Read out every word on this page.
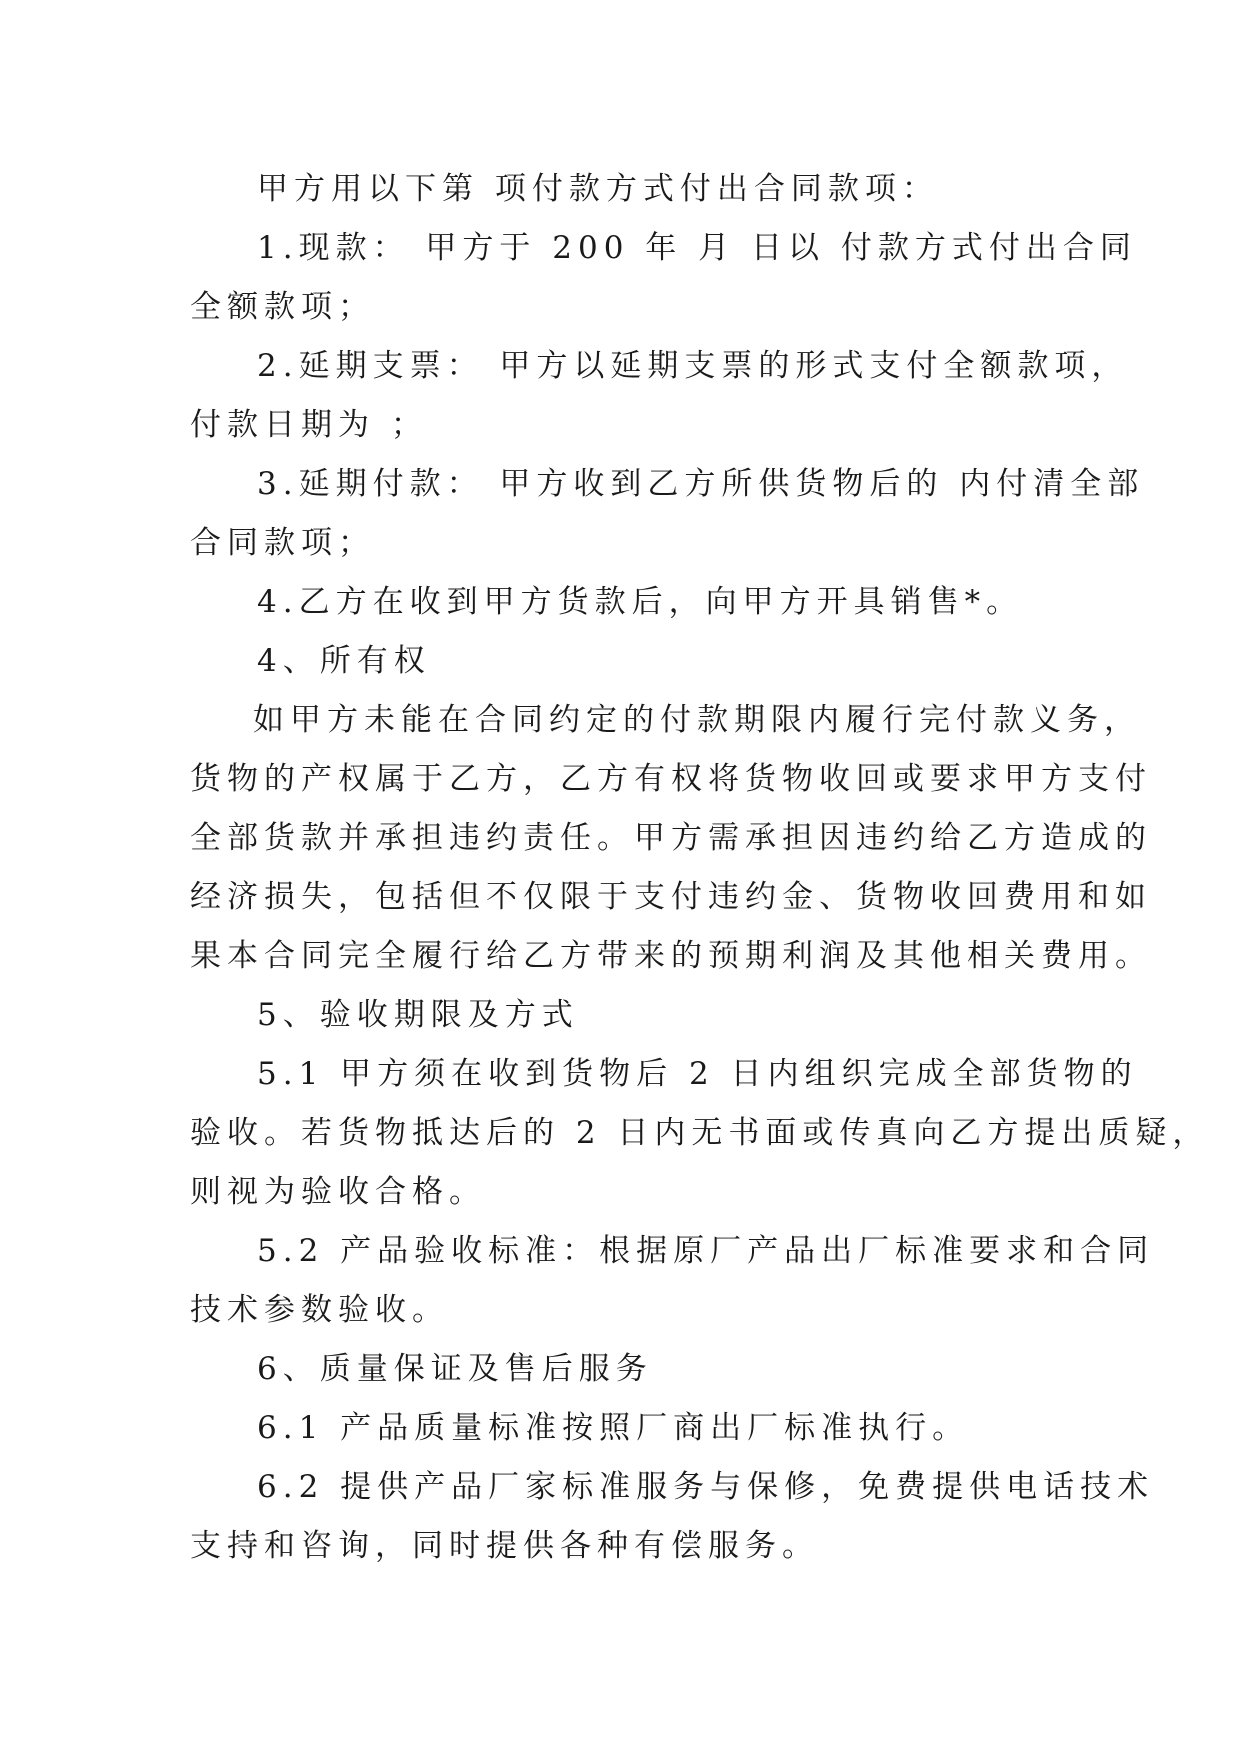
甲方用以下第 项付款方式付出合同款项：
1.现款： 甲方于 200 年 月 日以 付款方式付出合同
全额款项；
2.延期支票： 甲方以延期支票的形式支付全额款项，
付款日期为 ；
3.延期付款： 甲方收到乙方所供货物后的 内付清全部
合同款项；
4.乙方在收到甲方货款后，向甲方开具销售*。
4、所有权
如甲方未能在合同约定的付款期限内履行完付款义务，
货物的产权属于乙方，乙方有权将货物收回或要求甲方支付
全部货款并承担违约责任。甲方需承担因违约给乙方造成的
经济损失，包括但不仅限于支付违约金、货物收回费用和如
果本合同完全履行给乙方带来的预期利润及其他相关费用。
5、验收期限及方式
5.1 甲方须在收到货物后 2 日内组织完成全部货物的
验收。若货物抵达后的 2 日内无书面或传真向乙方提出质疑，
则视为验收合格。
5.2 产品验收标准：根据原厂产品出厂标准要求和合同
技术参数验收。
6、质量保证及售后服务
6.1 产品质量标准按照厂商出厂标准执行。
6.2 提供产品厂家标准服务与保修，免费提供电话技术
支持和咨询，同时提供各种有偿服务。
